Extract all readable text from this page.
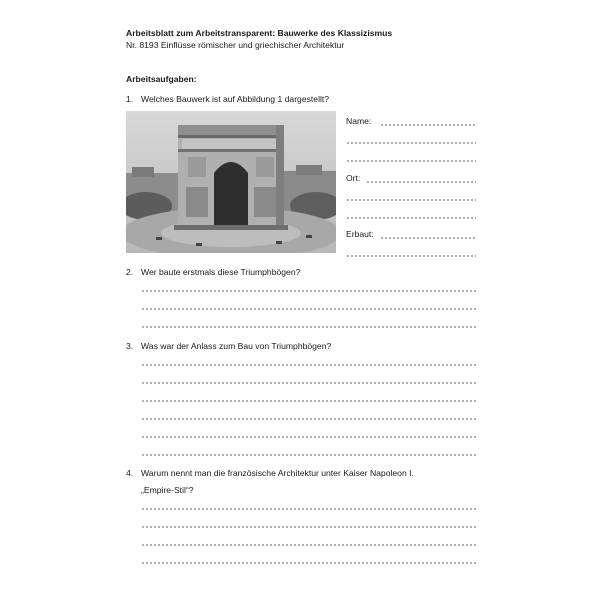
Arbeitsblatt zum Arbeitstransparent: Bauwerke des Klassizismus
Nr. 8193 Einflüsse römischer und griechischer Architektur
Arbeitsaufgaben:
1. Welches Bauwerk ist auf Abbildung 1 dargestellt?
Name:
Ort:
Erbaut:
2. Wer baute erstmals diese Triumphbögen?
3. Was war der Anlass zum Bau von Triumphbögen?
4. Warum nennt man die französische Architektur unter Kaiser Napoleon I.
„Empire-Stil“?
